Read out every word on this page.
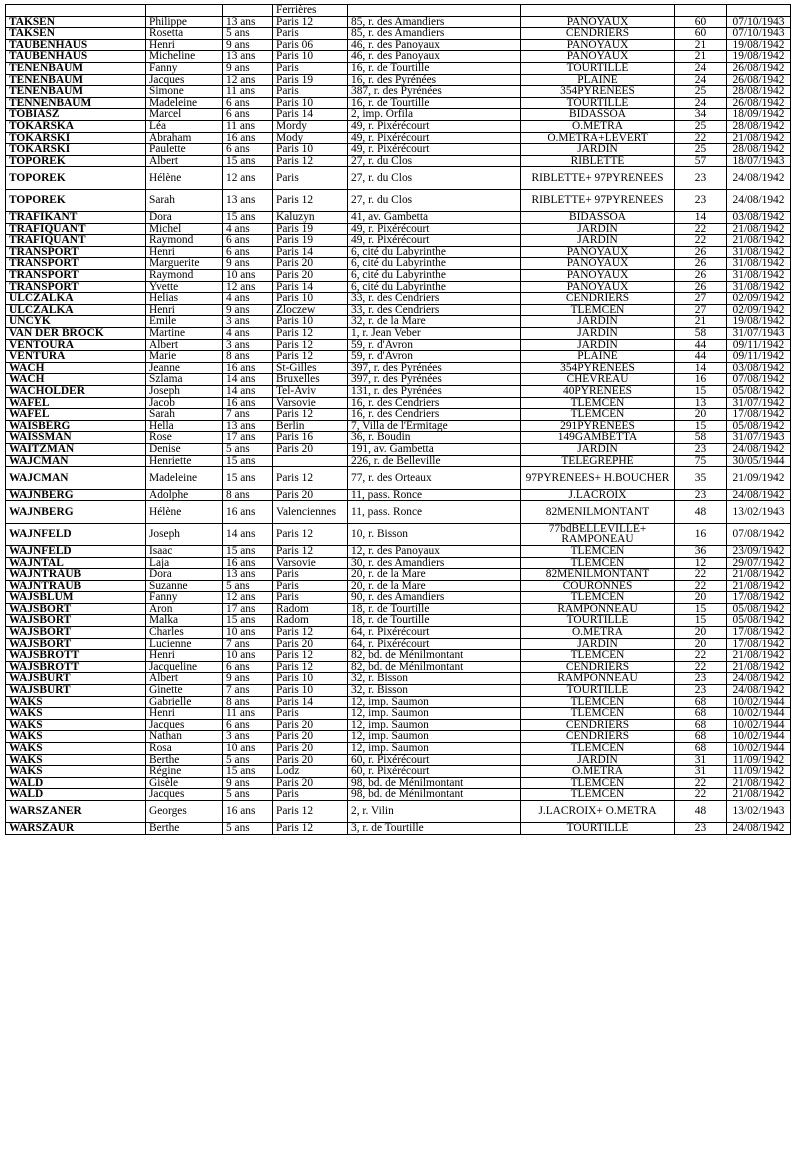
			Ferrières				
TAKSEN	Philippe	13 ans	Paris 12	85, r. des Amandiers	PANOYAUX	60	07/10/1943
TAKSEN	Rosetta	5 ans	Paris	85, r. des Amandiers	CENDRIERS	60	07/10/1943
TAUBENHAUS	Henri	9 ans	Paris 06	46, r. des Panoyaux	PANOYAUX	21	19/08/1942
TAUBENHAUS	Micheline	13 ans	Paris 10	46, r. des Panoyaux	PANOYAUX	21	19/08/1942
TENENBAUM	Fanny	9 ans	Paris	16, r. de Tourtille	TOURTILLE	24	26/08/1942
TENENBAUM	Jacques	12 ans	Paris 19	16, r. des Pyrénées	PLAINE	24	26/08/1942
TENENBAUM	Simone	11 ans	Paris	387, r. des Pyrénées	354PYRENEES	25	28/08/1942
TENNENBAUM	Madeleine	6 ans	Paris 10	16, r. de Tourtille	TOURTILLE	24	26/08/1942
TOBIASZ	Marcel	6 ans	Paris 14	2, imp. Orfila	BIDASSOA	34	18/09/1942
TOKARSKA	Léa	11 ans	Mordy	49, r. Pixérécourt	O.METRA	25	28/08/1942
TOKARSKI	Abraham	16 ans	Mody	49, r. Pixérécourt	O.METRA+LEVERT	22	21/08/1942
TOKARSKI	Paulette	6 ans	Paris 10	49, r. Pixérécourt	JARDIN	25	28/08/1942
TOPOREK	Albert	15 ans	Paris 12	27, r. du Clos	RIBLETTE	57	18/07/1943
TOPOREK	Hélène	12 ans	Paris	27, r. du Clos	RIBLETTE+ 97PYRENEES	23	24/08/1942
TOPOREK	Sarah	13 ans	Paris 12	27, r. du Clos	RIBLETTE+ 97PYRENEES	23	24/08/1942
TRAFIKANT	Dora	15 ans	Kaluzyn	41, av. Gambetta	BIDASSOA	14	03/08/1942
TRAFIQUANT	Michel	4 ans	Paris 19	49, r. Pixérécourt	JARDIN	22	21/08/1942
TRAFIQUANT	Raymond	6 ans	Paris 19	49, r. Pixérécourt	JARDIN	22	21/08/1942
TRANSPORT	Henri	6 ans	Paris 14	6, cité du Labyrinthe	PANOYAUX	26	31/08/1942
TRANSPORT	Marguerite	9 ans	Paris 20	6, cité du Labyrinthe	PANOYAUX	26	31/08/1942
TRANSPORT	Raymond	10 ans	Paris 20	6, cité du Labyrinthe	PANOYAUX	26	31/08/1942
TRANSPORT	Yvette	12 ans	Paris 14	6, cité du Labyrinthe	PANOYAUX	26	31/08/1942
ULCZALKA	Helias	4 ans	Paris 10	33, r. des Cendriers	CENDRIERS	27	02/09/1942
ULCZALKA	Henri	9 ans	Zloczew	33, r. des Cendriers	TLEMCEN	27	02/09/1942
UNCYK	Emile	3 ans	Paris 10	32, r. de la Mare	JARDIN	21	19/08/1942
VAN DER BROCK	Martine	4 ans	Paris 12	1, r. Jean Veber	JARDIN	58	31/07/1943
VENTOURA	Albert	3 ans	Paris 12	59, r. d'Avron	JARDIN	44	09/11/1942
VENTURA	Marie	8 ans	Paris 12	59, r. d'Avron	PLAINE	44	09/11/1942
WACH	Jeanne	16 ans	St-Gilles	397, r. des Pyrénées	354PYRENEES	14	03/08/1942
WACH	Szlama	14 ans	Bruxelles	397, r. des Pyrénées	CHEVREAU	16	07/08/1942
WACHOLDER	Joseph	14 ans	Tel-Aviv	131, r. des Pyrénées	40PYRENEES	15	05/08/1942
WAFEL	Jacob	16 ans	Varsovie	16, r. des Cendriers	TLEMCEN	13	31/07/1942
WAFEL	Sarah	7 ans	Paris 12	16, r. des Cendriers	TLEMCEN	20	17/08/1942
WAISBERG	Hella	13 ans	Berlin	7, Villa de l'Ermitage	291PYRENEES	15	05/08/1942
WAISSMAN	Rose	17 ans	Paris 16	36, r. Boudin	149GAMBETTA	58	31/07/1943
WAITZMAN	Denise	5 ans	Paris 20	191, av. Gambetta	JARDIN	23	24/08/1942
WAJCMAN	Henriette	15 ans		226, r. de Belleville	TELEGREPHE	75	30/05/1944
WAJCMAN	Madeleine	15 ans	Paris 12	77, r. des Orteaux	97PYRENEES+ H.BOUCHER	35	21/09/1942
WAJNBERG	Adolphe	8 ans	Paris 20	11, pass. Ronce	J.LACROIX	23	24/08/1942
WAJNBERG	Hélène	16 ans	Valenciennes	11, pass. Ronce	82MENILMONTANT	48	13/02/1943
WAJNFELD	Joseph	14 ans	Paris 12	10, r. Bisson	77bdBELLEVILLE+ RAMPONEAU	16	07/08/1942
WAJNFELD	Isaac	15 ans	Paris 12	12, r. des Panoyaux	TLEMCEN	36	23/09/1942
WAJNTAL	Laja	16 ans	Varsovie	30, r. des Amandiers	TLEMCEN	12	29/07/1942
WAJNTRAUB	Dora	13 ans	Paris	20, r. de la Mare	82MENILMONTANT	22	21/08/1942
WAJNTRAUB	Suzanne	5 ans	Paris	20, r. de la Mare	COURONNES	22	21/08/1942
WAJSBLUM	Fanny	12 ans	Paris	90, r. des Amandiers	TLEMCEN	20	17/08/1942
WAJSBORT	Aron	17 ans	Radom	18, r. de Tourtille	RAMPONNEAU	15	05/08/1942
WAJSBORT	Malka	15 ans	Radom	18, r. de Tourtille	TOURTILLE	15	05/08/1942
WAJSBORT	Charles	10 ans	Paris 12	64, r. Pixérécourt	O.METRA	20	17/08/1942
WAJSBORT	Lucienne	7 ans	Paris 20	64, r. Pixérécourt	JARDIN	20	17/08/1942
WAJSBROTT	Henri	10 ans	Paris 12	82, bd. de Ménilmontant	TLEMCEN	22	21/08/1942
WAJSBROTT	Jacqueline	6 ans	Paris 12	82, bd. de Ménilmontant	CENDRIERS	22	21/08/1942
WAJSBURT	Albert	9 ans	Paris 10	32, r. Bisson	RAMPONNEAU	23	24/08/1942
WAJSBURT	Ginette	7 ans	Paris 10	32, r. Bisson	TOURTILLE	23	24/08/1942
WAKS	Gabrielle	8 ans	Paris 14	12, imp. Saumon	TLEMCEN	68	10/02/1944
WAKS	Henri	11 ans	Paris	12, imp. Saumon	TLEMCEN	68	10/02/1944
WAKS	Jacques	6 ans	Paris 20	12, imp. Saumon	CENDRIERS	68	10/02/1944
WAKS	Nathan	3 ans	Paris 20	12, imp. Saumon	CENDRIERS	68	10/02/1944
WAKS	Rosa	10 ans	Paris 20	12, imp. Saumon	TLEMCEN	68	10/02/1944
WAKS	Berthe	5 ans	Paris 20	60, r. Pixérécourt	JARDIN	31	11/09/1942
WAKS	Régine	15 ans	Lodz	60, r. Pixérécourt	O.METRA	31	11/09/1942
WALD	Gisèle	9 ans	Paris 20	98, bd. de Ménilmontant	TLEMCEN	22	21/08/1942
WALD	Jacques	5 ans	Paris	98, bd. de Ménilmontant	TLEMCEN	22	21/08/1942
WARSZANER	Georges	16 ans	Paris 12	2, r. Vilin	J.LACROIX+ O.METRA	48	13/02/1943
WARSZAUR	Berthe	5 ans	Paris 12	3, r. de Tourtille	TOURTILLE	23	24/08/1942
